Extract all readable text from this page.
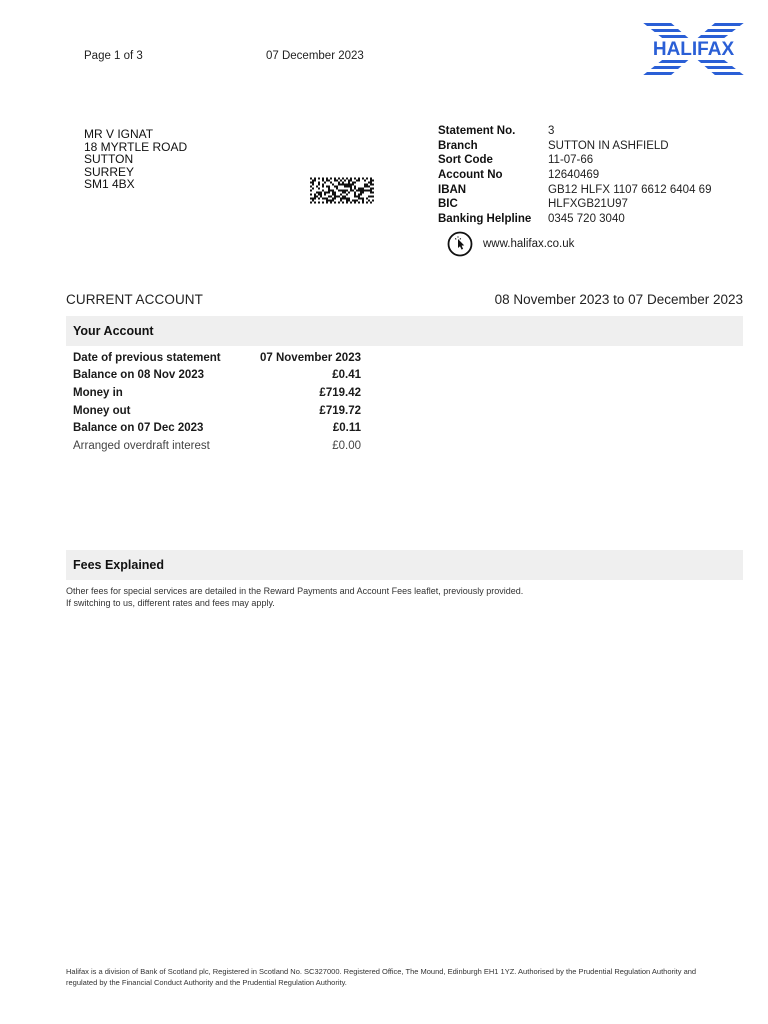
Page 1 of 3	07 December 2023	HALIFAX
MR V IGNAT
18 MYRTLE ROAD
SUTTON
SURREY
SM1 4BX
Statement No.	3
Branch	SUTTON IN ASHFIELD
Sort Code	11-07-66
Account No	12640469
IBAN	GB12 HLFX 1107 6612 6404 69
BIC	HLFXGB21U97
Banking Helpline	0345 720 3040
www.halifax.co.uk
CURRENT ACCOUNT	08 November 2023 to 07 December 2023
Your Account
Date of previous statement	07 November 2023
Balance on 08 Nov 2023	£0.41
Money in	£719.42
Money out	£719.72
Balance on 07 Dec 2023	£0.11
Arranged overdraft interest	£0.00
Fees Explained
Other fees for special services are detailed in the Reward Payments and Account Fees leaflet, previously provided.
If switching to us, different rates and fees may apply.
Halifax is a division of Bank of Scotland plc, Registered in Scotland No. SC327000. Registered Office, The Mound, Edinburgh EH1 1YZ. Authorised by the Prudential Regulation Authority and
regulated by the Financial Conduct Authority and the Prudential Regulation Authority.
